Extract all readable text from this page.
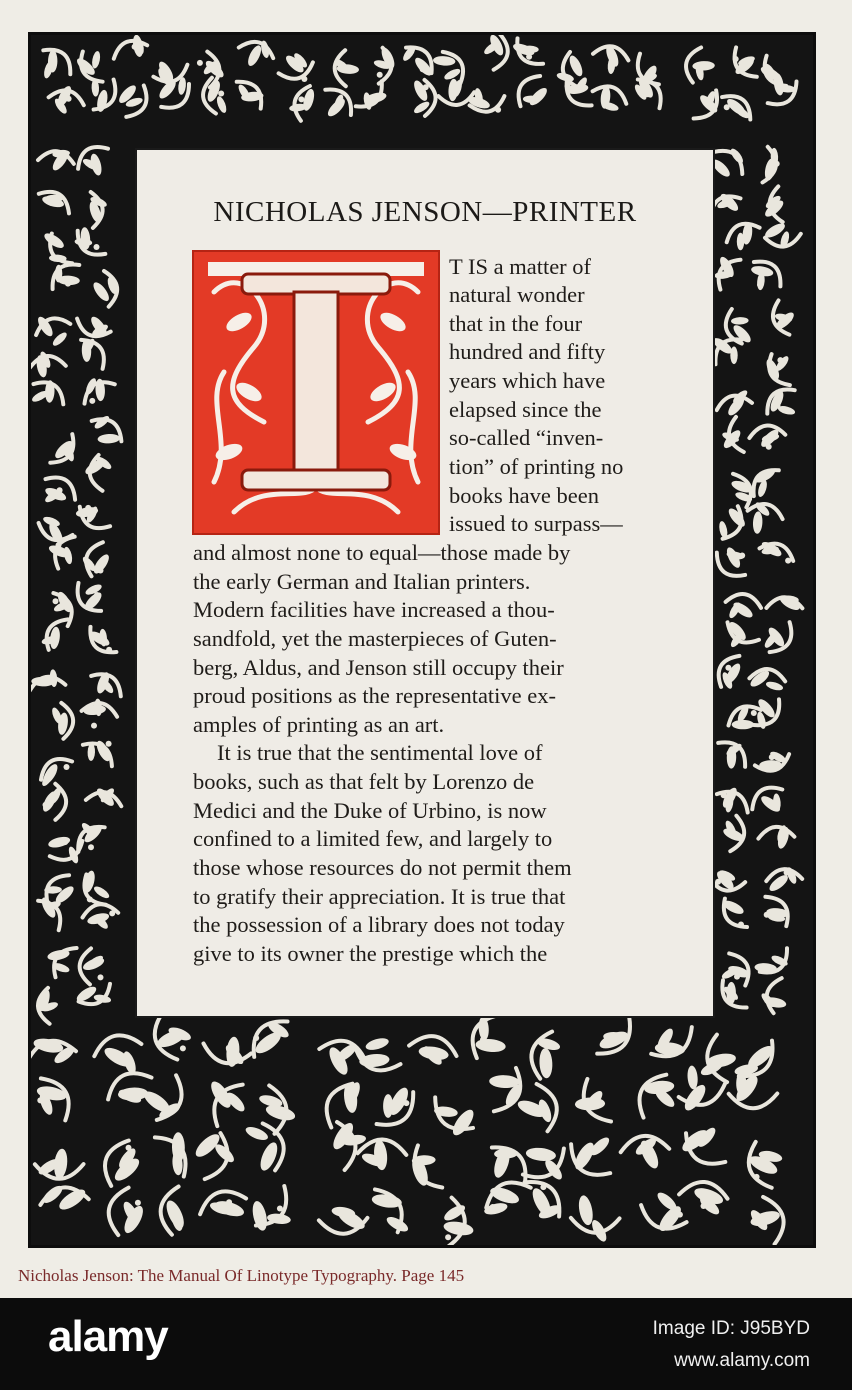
NICHOLAS JENSON—PRINTER
T IS a matter of
natural wonder
that in the four
hundred and fifty
years which have
elapsed since the
so-called “inven-
tion” of printing no
books have been
issued to surpass—
and almost none to equal—those made by
the early German and Italian printers.
Modern facilities have increased a thou-
sandfold, yet the masterpieces of Guten-
berg, Aldus, and Jenson still occupy their
proud positions as the representative ex-
amples of printing as an art.
It is true that the sentimental love of
books, such as that felt by Lorenzo de
Medici and the Duke of Urbino, is now
confined to a limited few, and largely to
those whose resources do not permit them
to gratify their appreciation. It is true that
the possession of a library does not today
give to its owner the prestige which the
Nicholas Jenson: The Manual Of Linotype Typography. Page 145
alamy	Image ID: J95BYD
www.alamy.com
